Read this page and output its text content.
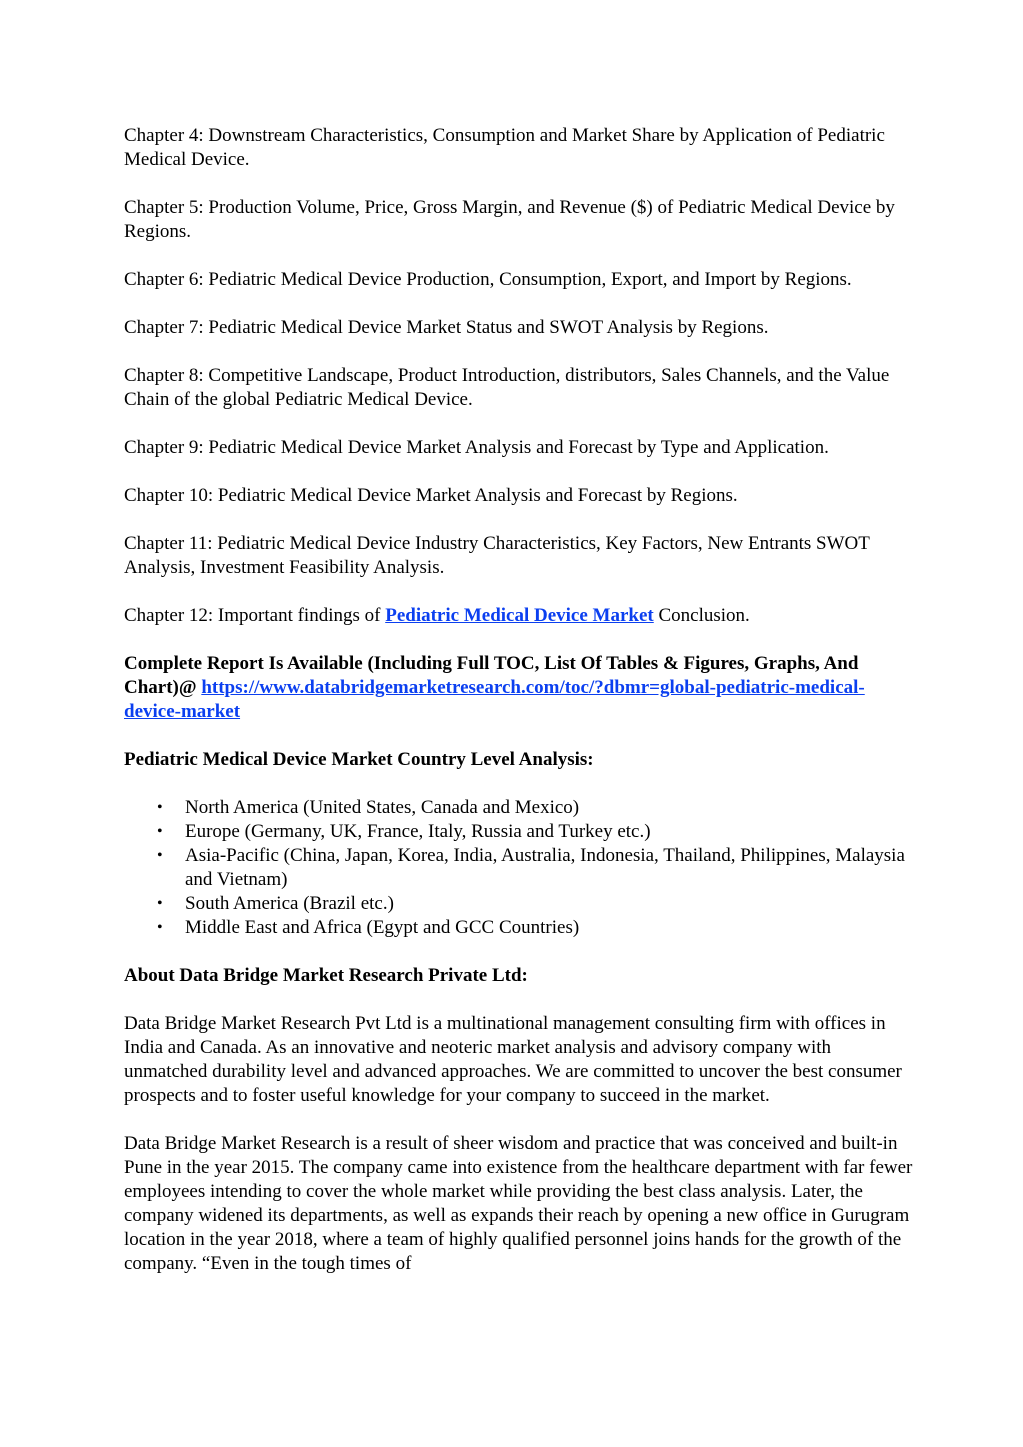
Chapter 4: Downstream Characteristics, Consumption and Market Share by Application of Pediatric Medical Device.

Chapter 5: Production Volume, Price, Gross Margin, and Revenue ($) of Pediatric Medical Device by Regions.

Chapter 6: Pediatric Medical Device Production, Consumption, Export, and Import by Regions.

Chapter 7: Pediatric Medical Device Market Status and SWOT Analysis by Regions.

Chapter 8: Competitive Landscape, Product Introduction, distributors, Sales Channels, and the Value Chain of the global Pediatric Medical Device.

Chapter 9: Pediatric Medical Device Market Analysis and Forecast by Type and Application.

Chapter 10: Pediatric Medical Device Market Analysis and Forecast by Regions.

Chapter 11: Pediatric Medical Device Industry Characteristics, Key Factors, New Entrants SWOT Analysis, Investment Feasibility Analysis.

Chapter 12: Important findings of Pediatric Medical Device Market Conclusion.

Complete Report Is Available (Including Full TOC, List Of Tables & Figures, Graphs, And Chart)@ https://www.databridgemarketresearch.com/toc/?dbmr=global-pediatric-medical-device-market

Pediatric Medical Device Market Country Level Analysis:

• North America (United States, Canada and Mexico)
• Europe (Germany, UK, France, Italy, Russia and Turkey etc.)
• Asia-Pacific (China, Japan, Korea, India, Australia, Indonesia, Thailand, Philippines, Malaysia and Vietnam)
• South America (Brazil etc.)
• Middle East and Africa (Egypt and GCC Countries)

About Data Bridge Market Research Private Ltd:

Data Bridge Market Research Pvt Ltd is a multinational management consulting firm with offices in India and Canada. As an innovative and neoteric market analysis and advisory company with unmatched durability level and advanced approaches. We are committed to uncover the best consumer prospects and to foster useful knowledge for your company to succeed in the market.

Data Bridge Market Research is a result of sheer wisdom and practice that was conceived and built-in Pune in the year 2015. The company came into existence from the healthcare department with far fewer employees intending to cover the whole market while providing the best class analysis. Later, the company widened its departments, as well as expands their reach by opening a new office in Gurugram location in the year 2018, where a team of highly qualified personnel joins hands for the growth of the company. “Even in the tough times of
